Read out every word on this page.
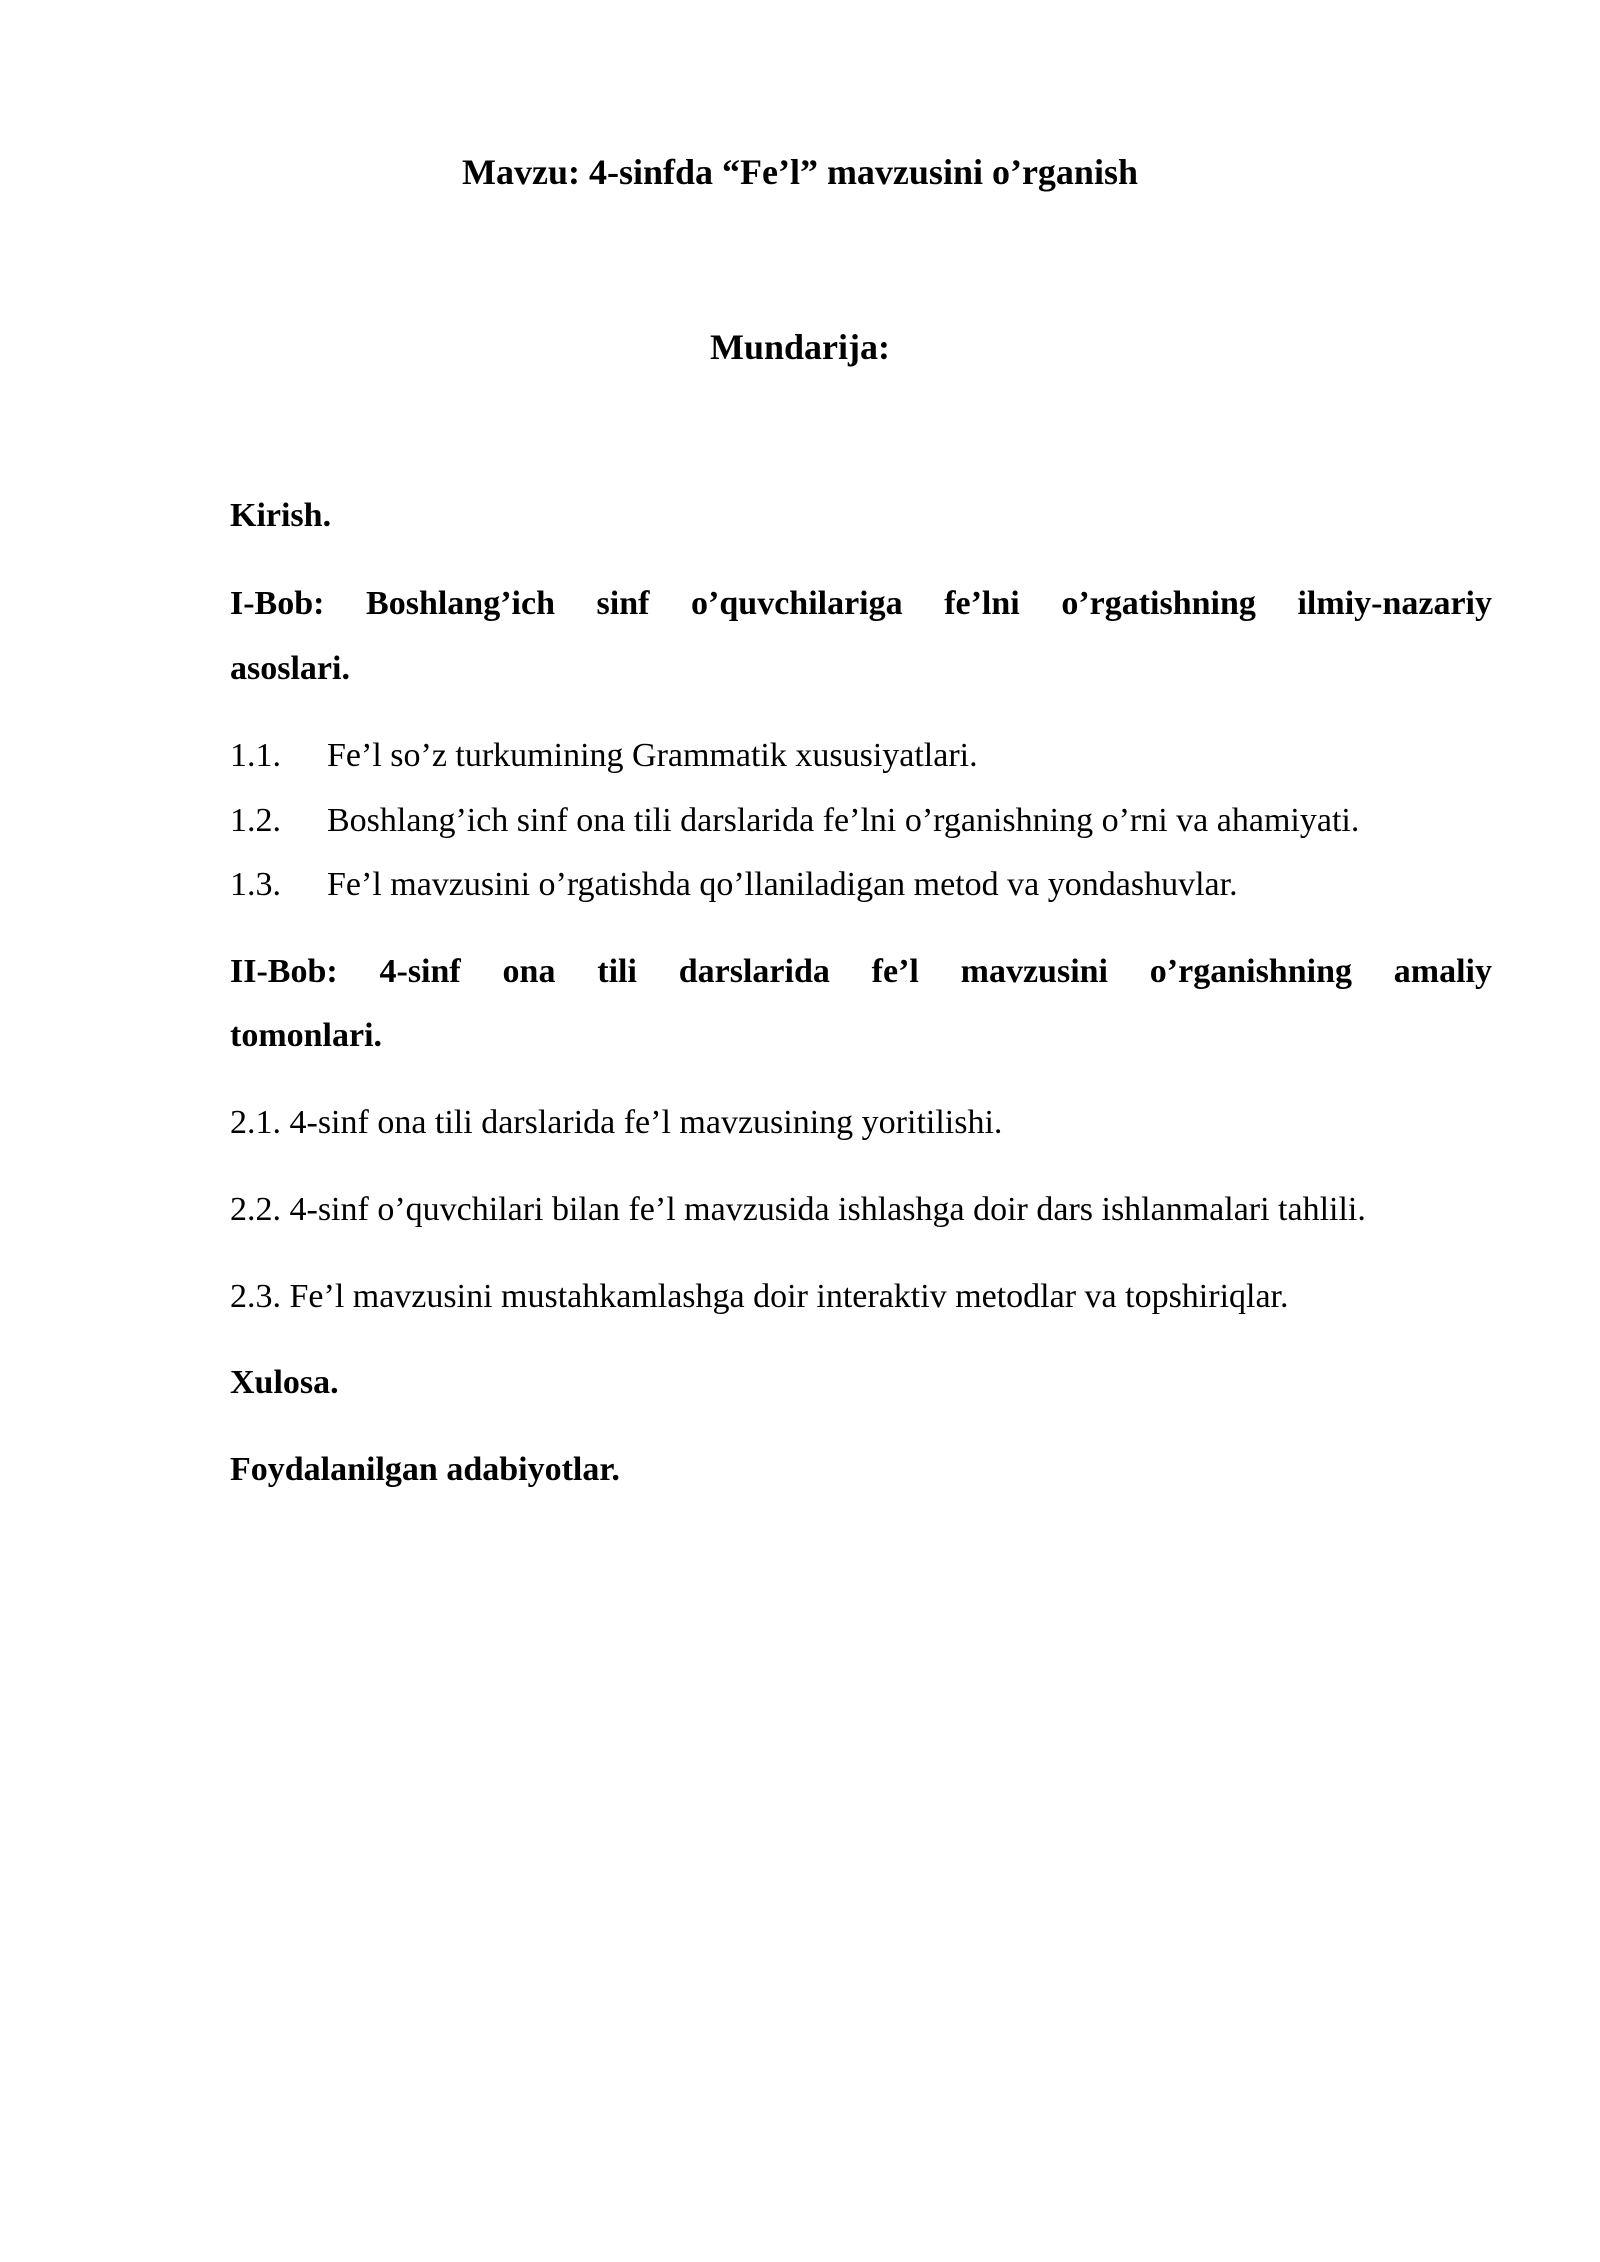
Mavzu: 4-sinfda “Fe’l” mavzusini o’rganish
Mundarija:
Kirish.
I-Bob: Boshlang’ich sinf o’quvchilariga fe’lni o’rgatishning ilmiy-nazariy
asoslari.
1.1. Fe’l so’z turkumining Grammatik xususiyatlari.
1.2. Boshlang’ich sinf ona tili darslarida fe’lni o’rganishning o’rni va ahamiyati.
1.3. Fe’l mavzusini o’rgatishda qo’llaniladigan metod va yondashuvlar.
II-Bob: 4-sinf ona tili darslarida fe’l mavzusini o’rganishning amaliy
tomonlari.
2.1. 4-sinf ona tili darslarida fe’l mavzusining yoritilishi.
2.2. 4-sinf o’quvchilari bilan fe’l mavzusida ishlashga doir dars ishlanmalari tahlili.
2.3. Fe’l mavzusini mustahkamlashga doir interaktiv metodlar va topshiriqlar.
Xulosa.
Foydalanilgan adabiyotlar.
